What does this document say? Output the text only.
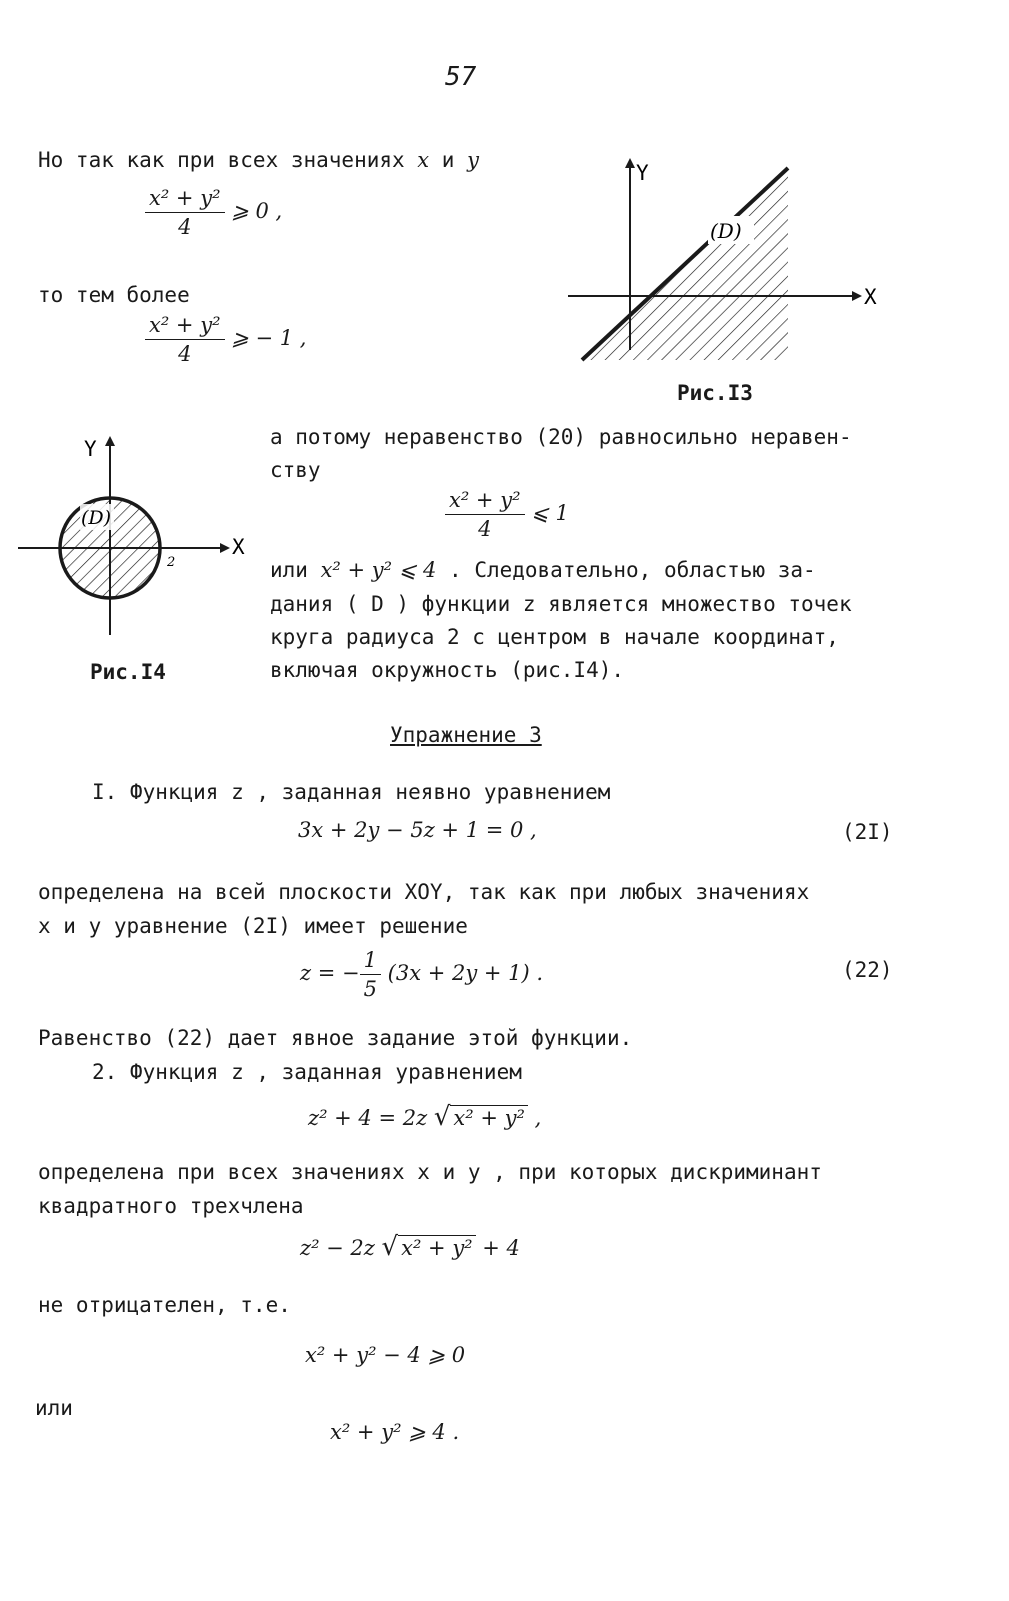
57
Но так как при всех значениях x и y
$\frac{\text{x² + y²}}{4}$ ⩾ 0 ,
то тем более
$\frac{\text{x² + y²}}{4}$ ⩾ − 1 ,
(D)
X
Y
Рис.I3
(D)
2
X
Y
Рис.I4
а потому неравенство (20) равносильно неравен-
ству
$\frac{\text{x² + y²}}{4}$ ⩽ 1
или x² + y² ⩽ 4 . Следовательно, областью за-
дания ( D ) функции z является множество точек
круга радиуса 2 с центром в начале координат,
включая окружность (рис.I4).
Упражнение 3
I. Функция z , заданная неявно уравнением
3x + 2y − 5z + 1 = 0 ,	(2I)
определена на всей плоскости XOY, так как при любых значениях
x и y уравнение (2I) имеет решение
z = − $\frac{1}{5} (3x + 2y + 1)$ .	(22)
Равенство (22) дает явное задание этой функции.
2. Функция z , заданная уравнением
z² + 4 = 2z √ x² + y² ,
определена при всех значениях x и y , при которых дискриминант
квадратного трехчлена
z² − 2z √ x² + y² + 4
не отрицателен, т.е.
x² + y² − 4 ⩾ 0
или
x² + y² ⩾ 4 .
